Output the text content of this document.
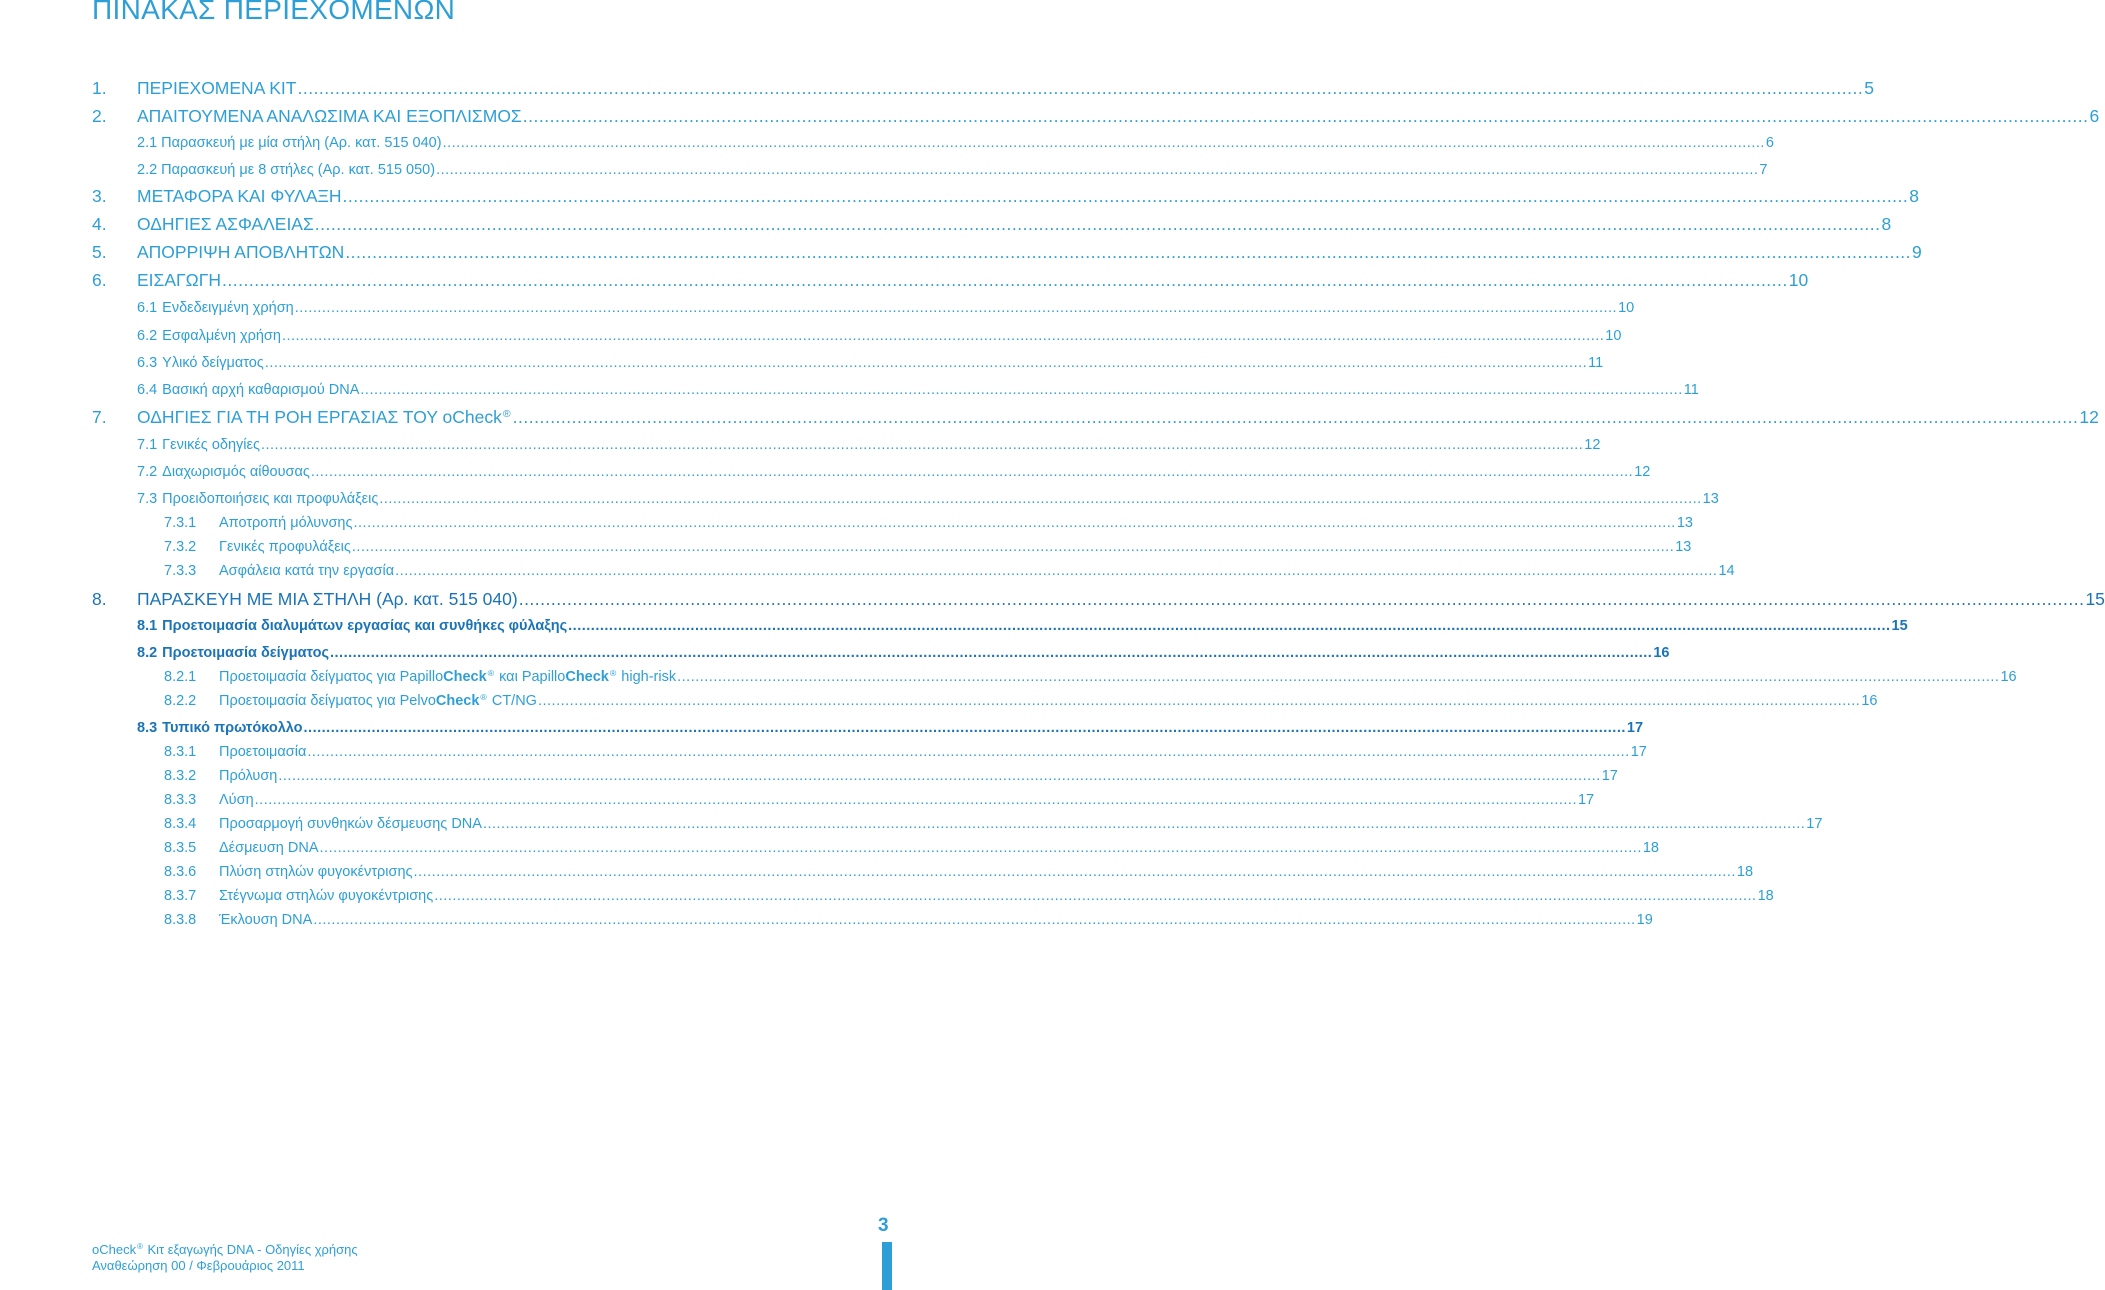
ΠΙΝΑΚΑΣ ΠΕΡΙΕΧΟΜΕΝΩΝ
1.	ΠΕΡΙΕΧΟΜΕΝΑ ΚΙΤ .................................................................................................................................................................................................................................................................................................... 5
2.	ΑΠΑΙΤΟΥΜΕΝΑ ΑΝΑΛΩΣΙΜΑ ΚΑΙ ΕΞΟΠΛΙΣΜΟΣ .................................................................................................................................................................................................................................................................................................... 6
2.1 Παρασκευή με μία στήλη (Αρ. κατ. 515 040) .................................................................................................................................................................................................................................................................................................... 6
2.2 Παρασκευή με 8 στήλες (Αρ. κατ. 515 050) .................................................................................................................................................................................................................................................................................................... 7
3.	ΜΕΤΑΦΟΡΑ ΚΑΙ ΦΥΛΑΞΗ .................................................................................................................................................................................................................................................................................................... 8
4.	ΟΔΗΓΙΕΣ ΑΣΦΑΛΕΙΑΣ .................................................................................................................................................................................................................................................................................................... 8
5.	ΑΠΟΡΡΙΨΗ ΑΠΟΒΛΗΤΩΝ .................................................................................................................................................................................................................................................................................................... 9
6.	ΕΙΣΑΓΩΓΗ .................................................................................................................................................................................................................................................................................................... 10
6.1 Ενδεδειγμένη χρήση .................................................................................................................................................................................................................................................................................................... 10
6.2 Εσφαλμένη χρήση .................................................................................................................................................................................................................................................................................................... 10
6.3 Υλικό δείγματος .................................................................................................................................................................................................................................................................................................... 11
6.4 Βασική αρχή καθαρισμού DNA .................................................................................................................................................................................................................................................................................................... 11
7.	ΟΔΗΓΙΕΣ ΓΙΑ ΤΗ ΡΟΗ ΕΡΓΑΣΙΑΣ ΤΟΥ oCheck® .................................................................................................................................................................................................................................................................................................... 12
7.1 Γενικές οδηγίες .................................................................................................................................................................................................................................................................................................... 12
7.2 Διαχωρισμός αίθουσας .................................................................................................................................................................................................................................................................................................... 12
7.3 Προειδοποιήσεις και προφυλάξεις .................................................................................................................................................................................................................................................................................................... 13
7.3.1	Αποτροπή μόλυνσης .................................................................................................................................................................................................................................................................................................... 13
7.3.2	Γενικές προφυλάξεις .................................................................................................................................................................................................................................................................................................... 13
7.3.3	Ασφάλεια κατά την εργασία .................................................................................................................................................................................................................................................................................................... 14
8.	ΠΑΡΑΣΚΕΥΗ ΜΕ ΜΙΑ ΣΤΗΛΗ (Αρ. κατ. 515 040) .................................................................................................................................................................................................................................................................................................... 15
8.1 Προετοιμασία διαλυμάτων εργασίας και συνθήκες φύλαξης .................................................................................................................................................................................................................................................................................................... 15
8.2 Προετοιμασία δείγματος .................................................................................................................................................................................................................................................................................................... 16
8.2.1	Προετοιμασία δείγματος για PapilloCheck® και PapilloCheck® high-risk .................................................................................................................................................................................................................................................................................................... 16
8.2.2	Προετοιμασία δείγματος για PelvoCheck® CT/NG .................................................................................................................................................................................................................................................................................................... 16
8.3 Τυπικό πρωτόκολλο .................................................................................................................................................................................................................................................................................................... 17
8.3.1	Προετοιμασία .................................................................................................................................................................................................................................................................................................... 17
8.3.2	Πρόλυση .................................................................................................................................................................................................................................................................................................... 17
8.3.3	Λύση .................................................................................................................................................................................................................................................................................................... 17
8.3.4	Προσαρμογή συνθηκών δέσμευσης DNA .................................................................................................................................................................................................................................................................................................... 17
8.3.5	Δέσμευση DNA .................................................................................................................................................................................................................................................................................................... 18
8.3.6	Πλύση στηλών φυγοκέντρισης .................................................................................................................................................................................................................................................................................................... 18
8.3.7	Στέγνωμα στηλών φυγοκέντρισης .................................................................................................................................................................................................................................................................................................... 18
8.3.8	Έκλουση DNA .................................................................................................................................................................................................................................................................................................... 19
oCheck® Κιτ εξαγωγής DNA - Οδηγίες χρήσης
Αναθεώρηση 00 / Φεβρουάριος 2011
3
